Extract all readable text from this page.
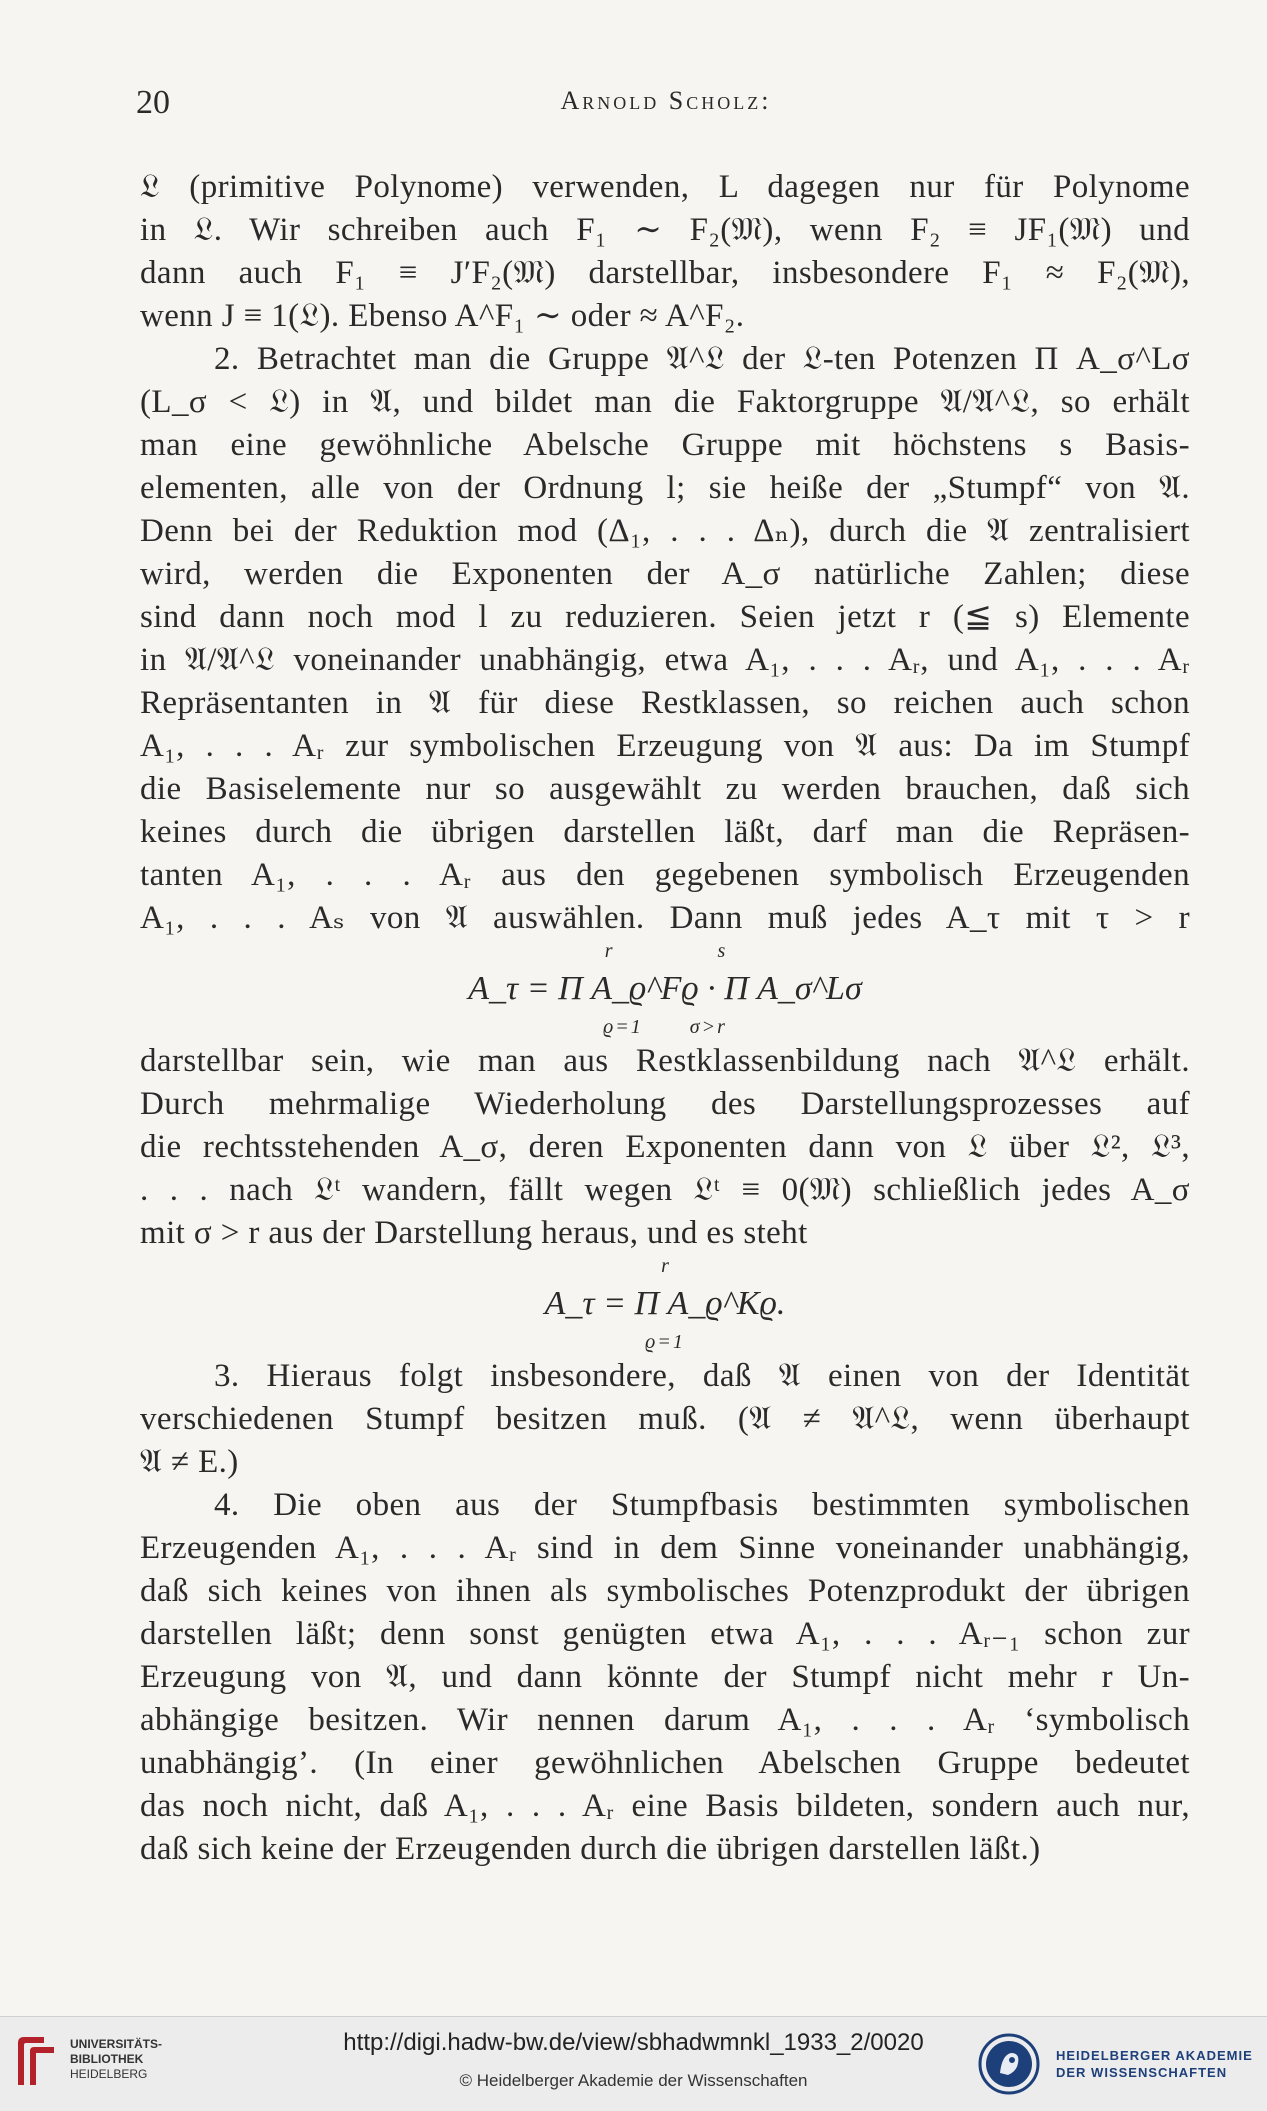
20	Arnold Scholz:
𝔏 (primitive Polynome) verwenden, L dagegen nur für Polynome
in 𝔏. Wir schreiben auch F₁ ∼ F₂(𝔐), wenn F₂ ≡ JF₁(𝔐) und
dann auch F₁ ≡ J′F₂(𝔐) darstellbar, insbesondere F₁ ≈ F₂(𝔐),
wenn J ≡ 1(𝔏). Ebenso A^F₁ ∼ oder ≈ A^F₂.
2. Betrachtet man die Gruppe 𝔄^𝔏 der 𝔏-ten Potenzen Π A_σ^Lσ
(L_σ < 𝔏) in 𝔄, und bildet man die Faktorgruppe 𝔄/𝔄^𝔏, so erhält
man eine gewöhnliche Abelsche Gruppe mit höchstens s Basis-
elementen, alle von der Ordnung l; sie heiße der „Stumpf“ von 𝔄.
Denn bei der Reduktion mod (Δ₁, . . . Δₙ), durch die 𝔄 zentralisiert
wird, werden die Exponenten der A_σ natürliche Zahlen; diese
sind dann noch mod l zu reduzieren. Seien jetzt r (≦ s) Elemente
in 𝔄/𝔄^𝔏 voneinander unabhängig, etwa A₁, . . . Aᵣ, und A₁, . . . Aᵣ
Repräsentanten in 𝔄 für diese Restklassen, so reichen auch schon
A₁, . . . Aᵣ zur symbolischen Erzeugung von 𝔄 aus: Da im Stumpf
die Basiselemente nur so ausgewählt zu werden brauchen, daß sich
keines durch die übrigen darstellen läßt, darf man die Repräsen-
tanten A₁, . . . Aᵣ aus den gegebenen symbolisch Erzeugenden
A₁, . . . Aₛ von 𝔄 auswählen. Dann muß jedes A_τ mit τ > r
r s
A_τ = Π A_ϱ^Fϱ · Π A_σ^Lσ
ϱ=1 σ>r
darstellbar sein, wie man aus Restklassenbildung nach 𝔄^𝔏 erhält.
Durch mehrmalige Wiederholung des Darstellungsprozesses auf
die rechtsstehenden A_σ, deren Exponenten dann von 𝔏 über 𝔏², 𝔏³,
. . . nach 𝔏ᵗ wandern, fällt wegen 𝔏ᵗ ≡ 0(𝔐) schließlich jedes A_σ
mit σ > r aus der Darstellung heraus, und es steht
r
A_τ = Π A_ϱ^Kϱ.
ϱ=1
3. Hieraus folgt insbesondere, daß 𝔄 einen von der Identität
verschiedenen Stumpf besitzen muß. (𝔄 ≠ 𝔄^𝔏, wenn überhaupt
𝔄 ≠ E.)
4. Die oben aus der Stumpfbasis bestimmten symbolischen
Erzeugenden A₁, . . . Aᵣ sind in dem Sinne voneinander unabhängig,
daß sich keines von ihnen als symbolisches Potenzprodukt der übrigen
darstellen läßt; denn sonst genügten etwa A₁, . . . Aᵣ₋₁ schon zur
Erzeugung von 𝔄, und dann könnte der Stumpf nicht mehr r Un-
abhängige besitzen. Wir nennen darum A₁, . . . Aᵣ ‘symbolisch
unabhängig’. (In einer gewöhnlichen Abelschen Gruppe bedeutet
das noch nicht, daß A₁, . . . Aᵣ eine Basis bildeten, sondern auch nur,
daß sich keine der Erzeugenden durch die übrigen darstellen läßt.)
UNIVERSITÄTS-
BIBLIOTHEK
HEIDELBERG
http://digi.hadw-bw.de/view/sbhadwmnkl_1933_2/0020
© Heidelberger Akademie der Wissenschaften
HEIDELBERGER AKADEMIE
DER WISSENSCHAFTEN
